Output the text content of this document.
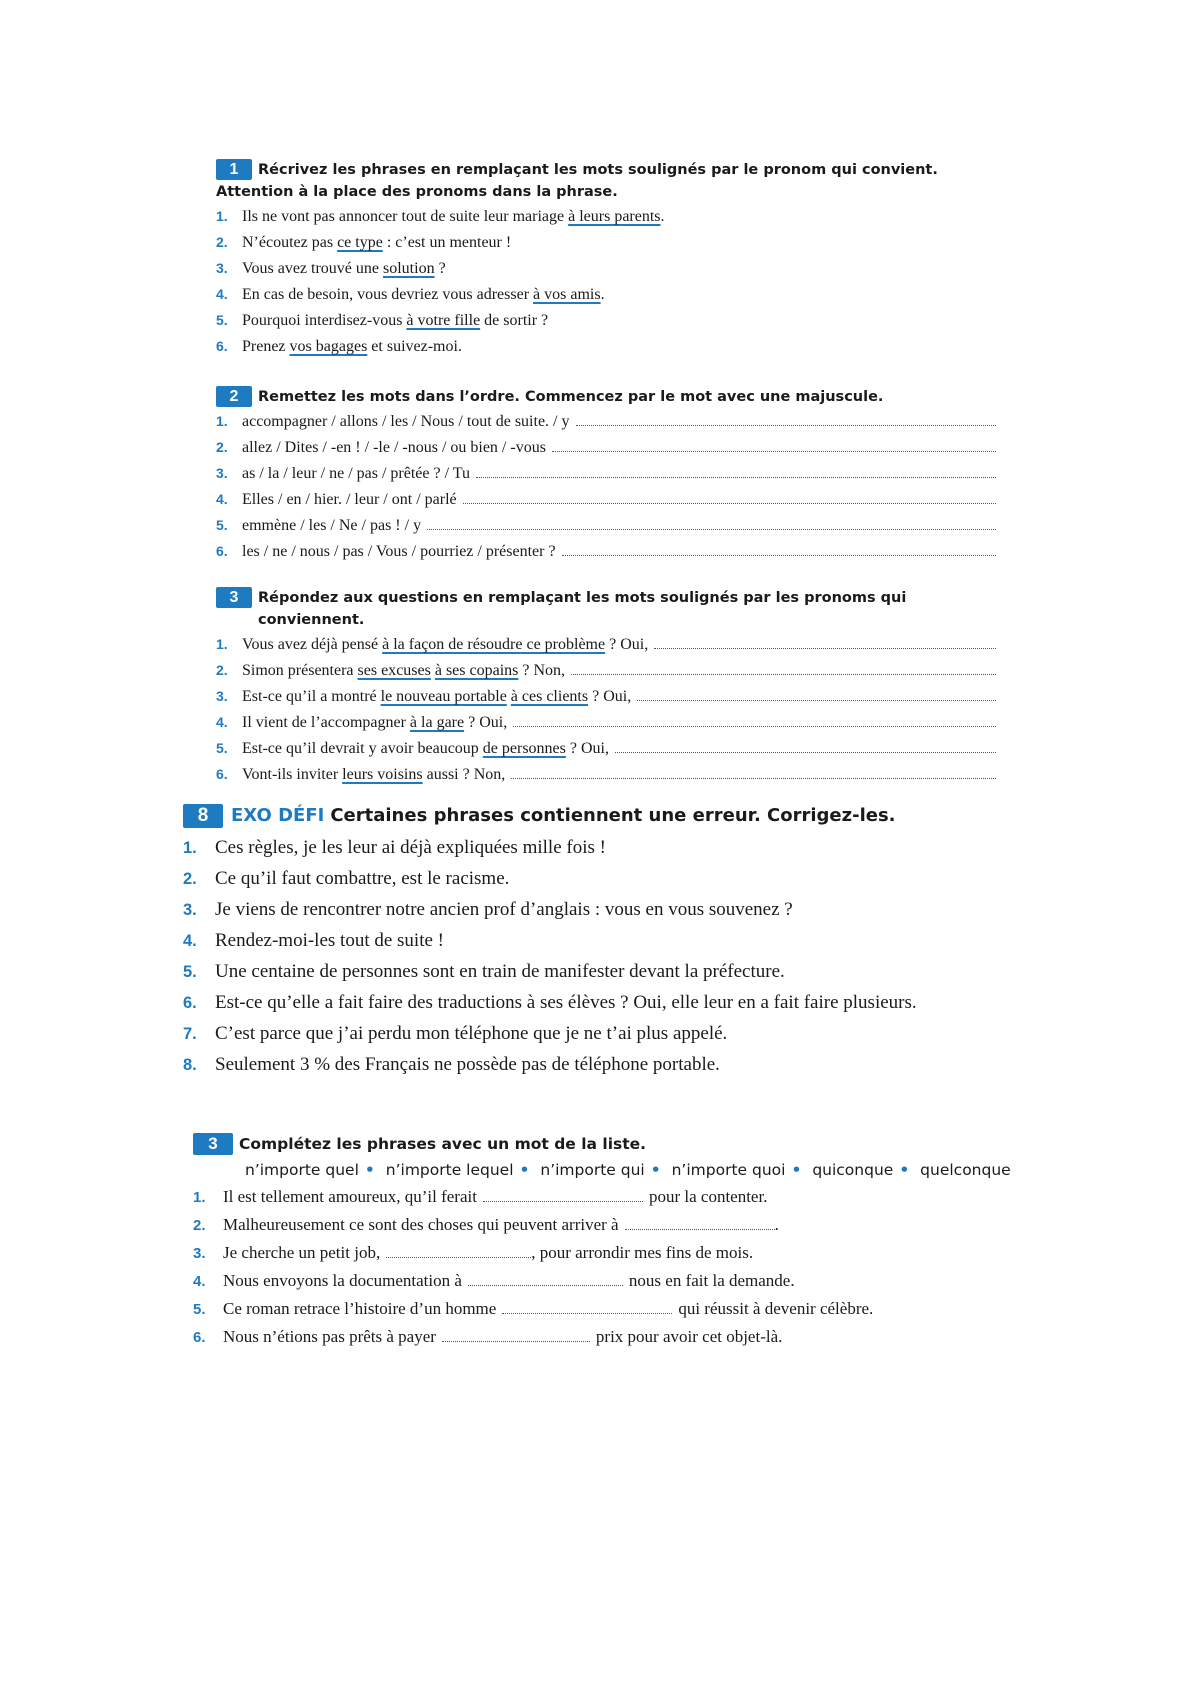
1	Récrivez les phrases en remplaçant les mots soulignés par le pronom qui convient.
Attention à la place des pronoms dans la phrase.
1. Ils ne vont pas annoncer tout de suite leur mariage à leurs parents.
2. N’écoutez pas ce type : c’est un menteur !
3. Vous avez trouvé une solution ?
4. En cas de besoin, vous devriez vous adresser à vos amis.
5. Pourquoi interdisez-vous à votre fille de sortir ?
6. Prenez vos bagages et suivez-moi.
2	Remettez les mots dans l’ordre. Commencez par le mot avec une majuscule.
1. accompagner / allons / les / Nous / tout de suite. / y
2. allez / Dites / -en ! / -le / -nous / ou bien / -vous
3. as / la / leur / ne / pas / prêtée ? / Tu
4. Elles / en / hier. / leur / ont / parlé
5. emmène / les / Ne / pas ! / y
6. les / ne / nous / pas / Vous / pourriez / présenter ?
3	Répondez aux questions en remplaçant les mots soulignés par les pronoms qui conviennent.
1. Vous avez déjà pensé à la façon de résoudre ce problème ? Oui,
2. Simon présentera ses excuses à ses copains ? Non,
3. Est-ce qu’il a montré le nouveau portable à ces clients ? Oui,
4. Il vient de l’accompagner à la gare ? Oui,
5. Est-ce qu’il devrait y avoir beaucoup de personnes ? Oui,
6. Vont-ils inviter leurs voisins aussi ? Non,
8	EXO DÉFI Certaines phrases contiennent une erreur. Corrigez-les.
1. Ces règles, je les leur ai déjà expliquées mille fois !
2. Ce qu’il faut combattre, est le racisme.
3. Je viens de rencontrer notre ancien prof d’anglais : vous en vous souvenez ?
4. Rendez-moi-les tout de suite !
5. Une centaine de personnes sont en train de manifester devant la préfecture.
6. Est-ce qu’elle a fait faire des traductions à ses élèves ? Oui, elle leur en a fait faire plusieurs.
7. C’est parce que j’ai perdu mon téléphone que je ne t’ai plus appelé.
8. Seulement 3 % des Français ne possède pas de téléphone portable.
3	Complétez les phrases avec un mot de la liste.
n’importe quel • n’importe lequel • n’importe qui • n’importe quoi • quiconque • quelconque
1.	Il est tellement amoureux, qu’il ferait	pour la contenter.
2.	Malheureusement ce sont des choses qui peuvent arriver à	.
3.	Je cherche un petit job,	, pour arrondir mes fins de mois.
4.	Nous envoyons la documentation à	nous en fait la demande.
5.	Ce roman retrace l’histoire d’un homme	qui réussit à devenir célèbre.
6.	Nous n’étions pas prêts à payer	prix pour avoir cet objet-là.
